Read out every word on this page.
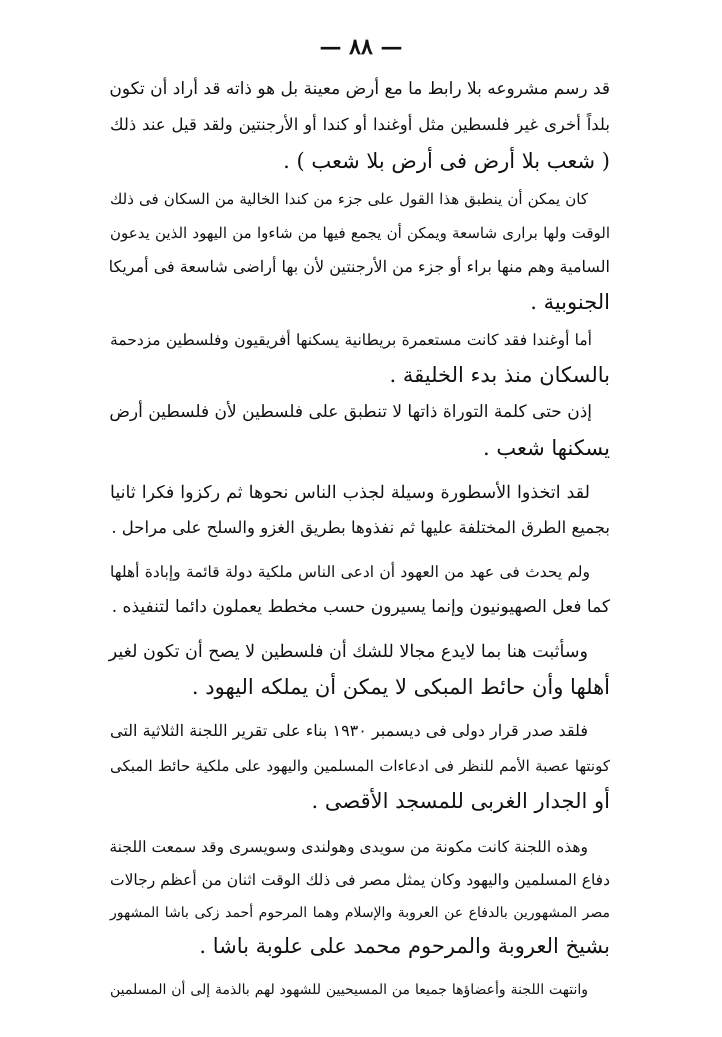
— ٨٨ —
قد رسم مشروعه بلا رابط ما مع أرض معينة بل هو ذاته قد أراد أن تكون
بلداً أخرى غير فلسطين مثل أوغندا أو كندا أو الأرجنتين ولقد قيل عند ذلك
( شعب بلا أرض فى أرض بلا شعب ) .
كان يمكن أن ينطبق هذا القول على جزء من كندا الخالية من السكان فى ذلك
الوقت ولها برارى شاسعة ويمكن أن يجمع فيها من شاءوا من اليهود الذين يدعون
السامية وهم منها براء أو جزء من الأرجنتين لأن بها أراضى شاسعة فى أمريكا
الجنوبية .
أما أوغندا فقد كانت مستعمرة بريطانية يسكنها أفريقيون وفلسطين مزدحمة
بالسكان منذ بدء الخليقة .
إذن حتى كلمة التوراة ذاتها لا تنطبق على فلسطين لأن فلسطين أرض
يسكنها شعب .
لقد اتخذوا الأسطورة وسيلة لجذب الناس نحوها ثم ركزوا فكرا ثانيا
بجميع الطرق المختلفة عليها ثم نفذوها بطريق الغزو والسلح على مراحل .
ولم يحدث فى عهد من العهود أن ادعى الناس ملكية دولة قائمة وإبادة أهلها
كما فعل الصهيونيون وإنما يسيرون حسب مخطط يعملون دائما لتنفيذه .
وسأثبت هنا بما لايدع مجالا للشك أن فلسطين لا يصح أن تكون لغير
أهلها وأن حائط المبكى لا يمكن أن يملكه اليهود .
فلقد صدر قرار دولى فى ديسمبر ١٩٣٠ بناء على تقرير اللجنة الثلاثية التى
كونتها عصبة الأمم للنظر فى ادعاءات المسلمين واليهود على ملكية حائط المبكى
أو الجدار الغربى للمسجد الأقصى .
وهذه اللجنة كانت مكونة من سويدى وهولندى وسويسرى وقد سمعت اللجنة
دفاع المسلمين واليهود وكان يمثل مصر فى ذلك الوقت اثنان من أعظم رجالات
مصر المشهورين بالدفاع عن العروبة والإسلام وهما المرحوم أحمد زكى باشا المشهور
بشيخ العروبة والمرحوم محمد على علوبة باشا .
وانتهت اللجنة وأعضاؤها جميعا من المسيحيين للشهود لهم بالذمة إلى أن المسلمين
